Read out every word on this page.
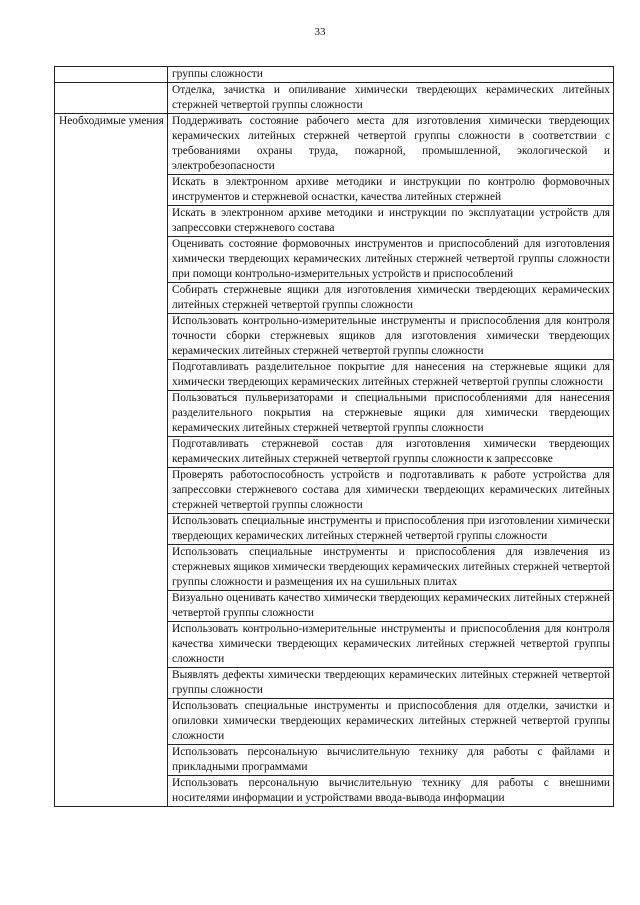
33
	группы сложности
	Отделка, зачистка и опиливание химически твердеющих керамических литейных стержней четвертой группы сложности
Необходимые умения	Поддерживать состояние рабочего места для изготовления химически твердеющих керамических литейных стержней четвертой группы сложности в соответствии с требованиями охраны труда, пожарной, промышленной, экологической и электробезопасности
	Искать в электронном архиве методики и инструкции по контролю формовочных инструментов и стержневой оснастки, качества литейных стержней
	Искать в электронном архиве методики и инструкции по эксплуатации устройств для запрессовки стержневого состава
	Оценивать состояние формовочных инструментов и приспособлений для изготовления химически твердеющих керамических литейных стержней четвертой группы сложности при помощи контрольно-измерительных устройств и приспособлений
	Собирать стержневые ящики для изготовления химически твердеющих керамических литейных стержней четвертой группы сложности
	Использовать контрольно-измерительные инструменты и приспособления для контроля точности сборки стержневых ящиков для изготовления химически твердеющих керамических литейных стержней четвертой группы сложности
	Подготавливать разделительное покрытие для нанесения на стержневые ящики для химически твердеющих керамических литейных стержней четвертой группы сложности
	Пользоваться пульверизаторами и специальными приспособлениями для нанесения разделительного покрытия на стержневые ящики для химически твердеющих керамических литейных стержней четвертой группы сложности
	Подготавливать стержневой состав для изготовления химически твердеющих керамических литейных стержней четвертой группы сложности к запрессовке
	Проверять работоспособность устройств и подготавливать к работе устройства для запрессовки стержневого состава для химически твердеющих керамических литейных стержней четвертой группы сложности
	Использовать специальные инструменты и приспособления при изготовлении химически твердеющих керамических литейных стержней четвертой группы сложности
	Использовать специальные инструменты и приспособления для извлечения из стержневых ящиков химически твердеющих керамических литейных стержней четвертой группы сложности и размещения их на сушильных плитах
	Визуально оценивать качество химически твердеющих керамических литейных стержней четвертой группы сложности
	Использовать контрольно-измерительные инструменты и приспособления для контроля качества химически твердеющих керамических литейных стержней четвертой группы сложности
	Выявлять дефекты химически твердеющих керамических литейных стержней четвертой группы сложности
	Использовать специальные инструменты и приспособления для отделки, зачистки и опиловки химически твердеющих керамических литейных стержней четвертой группы сложности
	Использовать персональную вычислительную технику для работы с файлами и прикладными программами
	Использовать персональную вычислительную технику для работы с внешними носителями информации и устройствами ввода-вывода информации
